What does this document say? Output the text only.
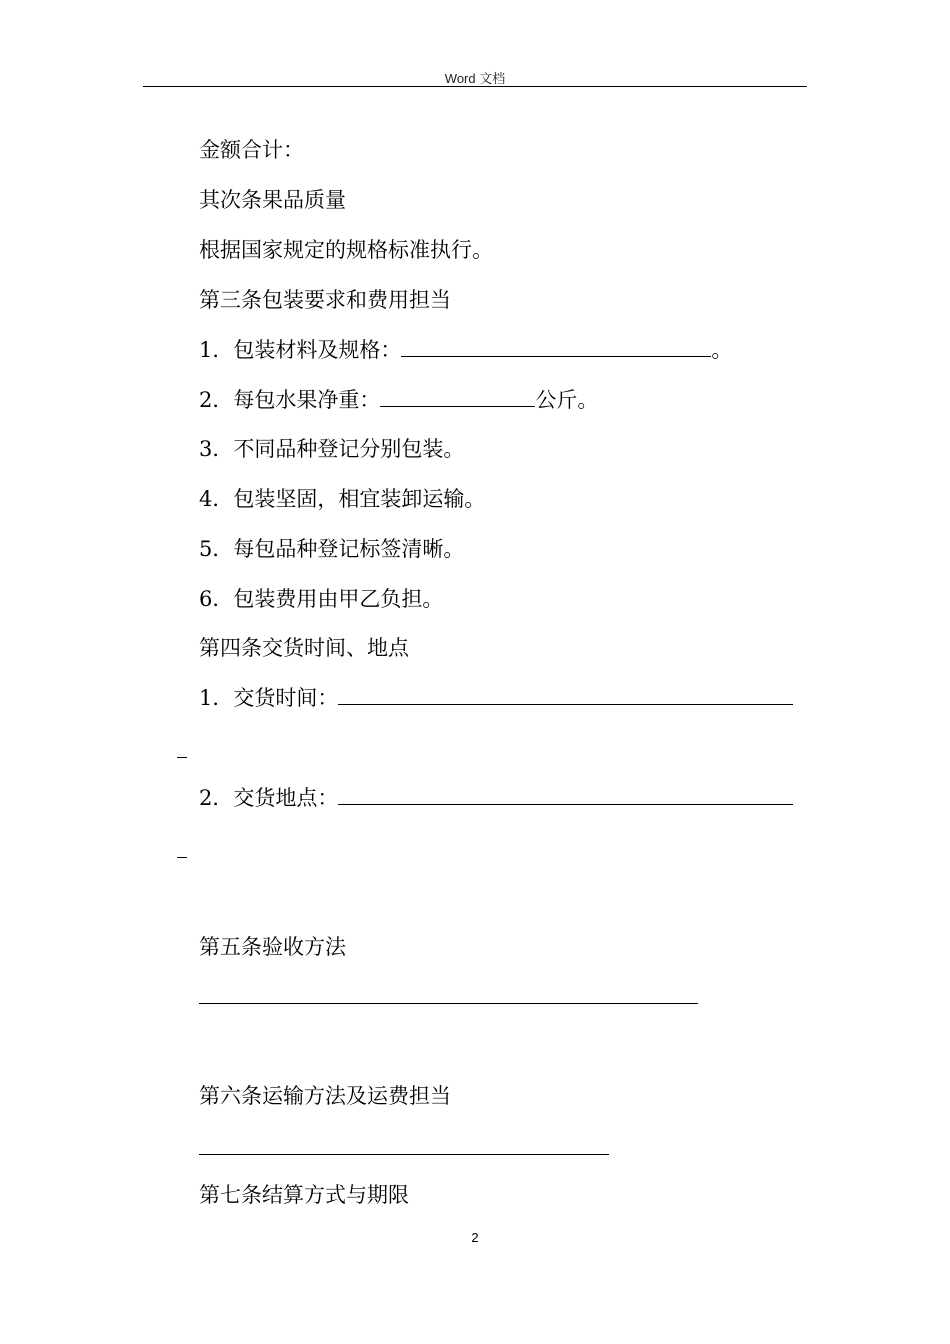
Word 文档
金额合计：
其次条果品质量
根据国家规定的规格标准执行。
第三条包装要求和费用担当
1．包装材料及规格：	。
2．每包水果净重：	公斤。
3．不同品种登记分别包装。
4．包装坚固，相宜装卸运输。
5．每包品种登记标签清晰。
6．包装费用由甲乙负担。
第四条交货时间、地点
1．交货时间：
2．交货地点：
第五条验收方法
第六条运输方法及运费担当
第七条结算方式与期限
2
